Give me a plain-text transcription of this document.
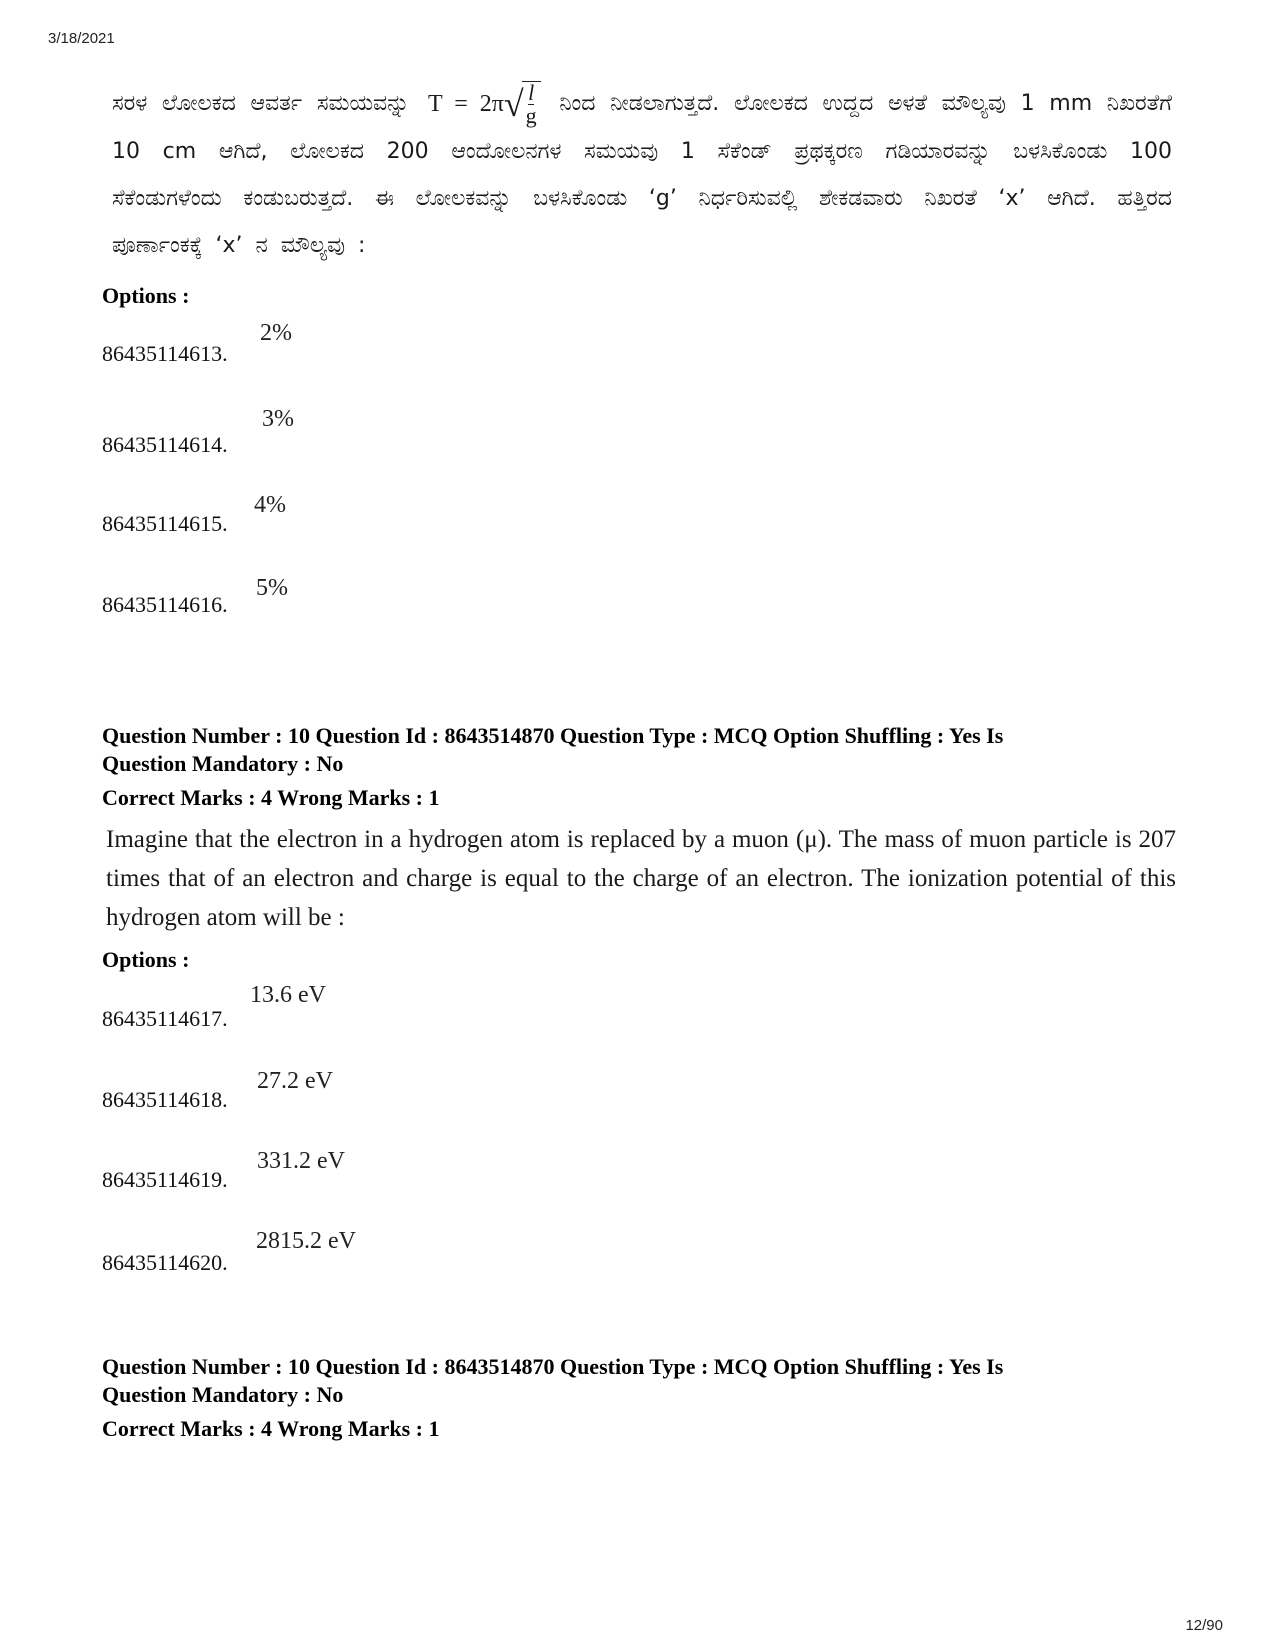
3/18/2021
ಸರಳ ಲೋಲಕದ ಆವರ್ತ ಸಮಯವನ್ನು T = 2π √
$\frac{l}{g}$ ನಿಂದ ನೀಡಲಾಗುತ್ತದೆ. ಲೋಲಕದ ಉದ್ದದ ಅಳತೆ ಮೌಲ್ಯವು 1 mm ನಿಖರತೆಗೆ 10 cm ಆಗಿದೆ, ಲೋಲಕದ 200 ಆಂದೋಲನಗಳ ಸಮಯವು 1 ಸೆಕೆಂಡ್ ಪ್ರಥಕ್ಕರಣ ಗಡಿಯಾರವನ್ನು ಬಳಸಿಕೊಂಡು 100 ಸೆಕೆಂಡುಗಳೆಂದು ಕಂಡುಬರುತ್ತದೆ. ಈ ಲೋಲಕವನ್ನು ಬಳಸಿಕೊಂಡು ‘g’ ನಿರ್ಧರಿಸುವಲ್ಲಿ ಶೇಕಡವಾರು ನಿಖರತೆ ‘x’ ಆಗಿದೆ. ಹತ್ತಿರದ ಪೂರ್ಣಾಂಕಕ್ಕೆ ‘x’ ನ ಮೌಲ್ಯವು :
Options :
86435114613.
2%
86435114614.
3%
86435114615.
4%
86435114616.
5%
Question Number : 10 Question Id : 8643514870 Question Type : MCQ Option Shuffling : Yes Is
Question Mandatory : No
Correct Marks : 4 Wrong Marks : 1
Imagine that the electron in a hydrogen atom is replaced by a muon (μ). The mass of muon particle is 207 times that of an electron and charge is equal to the charge of an electron. The ionization potential of this hydrogen atom will be :
Options :
86435114617.
13.6 eV
86435114618.
27.2 eV
86435114619.
331.2 eV
86435114620.
2815.2 eV
Question Number : 10 Question Id : 8643514870 Question Type : MCQ Option Shuffling : Yes Is
Question Mandatory : No
Correct Marks : 4 Wrong Marks : 1
12/90
